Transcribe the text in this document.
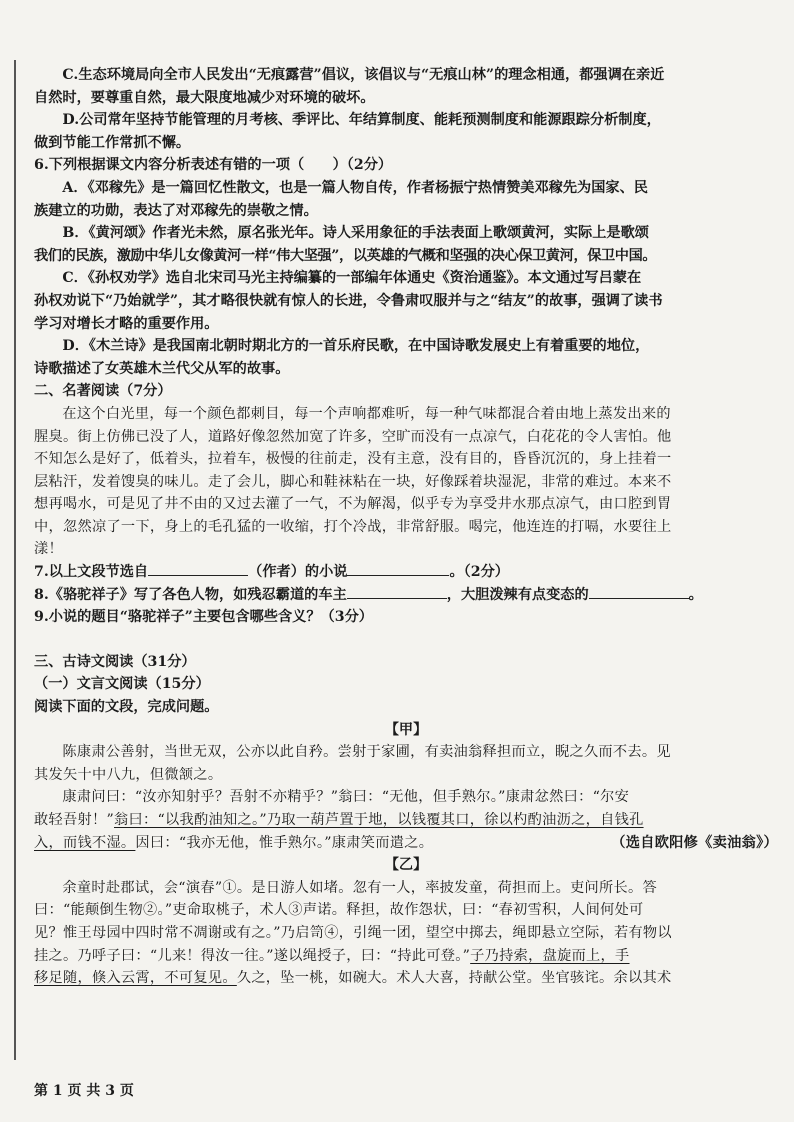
C.生态环境局向全市人民发出“无痕露营”倡议，该倡议与“无痕山林”的理念相通，都强调在亲近

自然时，要尊重自然，最大限度地减少对环境的破坏。

D.公司常年坚持节能管理的月考核、季评比、年结算制度、能耗预测制度和能源跟踪分析制度，

做到节能工作常抓不懈。

6.下列根据课文内容分析表述有错的一项（　　）（2分）

A．《邓稼先》是一篇回忆性散文，也是一篇人物自传，作者杨振宁热情赞美邓稼先为国家、民

族建立的功勋，表达了对邓稼先的崇敬之情。

B．《黄河颂》作者光未然，原名张光年。诗人采用象征的手法表面上歌颂黄河，实际上是歌颂

我们的民族，激励中华儿女像黄河一样“伟大坚强”，以英雄的气概和坚强的决心保卫黄河，保卫中国。

C．《孙权劝学》选自北宋司马光主持编纂的一部编年体通史《资治通鉴》。本文通过写吕蒙在

孙权劝说下“乃始就学”，其才略很快就有惊人的长进，令鲁肃叹服并与之“结友”的故事，强调了读书

学习对增长才略的重要作用。

D．《木兰诗》是我国南北朝时期北方的一首乐府民歌，在中国诗歌发展史上有着重要的地位，

诗歌描述了女英雄木兰代父从军的故事。

二、名著阅读（7分）

在这个白光里，每一个颜色都刺目，每一个声响都难听，每一种气味都混合着由地上蒸发出来的

腥臭。街上仿佛已没了人，道路好像忽然加宽了许多，空旷而没有一点凉气，白花花的令人害怕。他

不知怎么是好了，低着头，拉着车，极慢的往前走，没有主意，没有目的，昏昏沉沉的，身上挂着一

层粘汗，发着馊臭的味儿。走了会儿，脚心和鞋袜粘在一块，好像踩着块湿泥，非常的难过。本来不

想再喝水，可是见了井不由的又过去灌了一气，不为解渴，似乎专为享受井水那点凉气，由口腔到胃

中，忽然凉了一下，身上的毛孔猛的一收缩，打个冷战，非常舒服。喝完，他连连的打嗝，水要往上

漾！

7.以上文段节选自	（作者）的小说	。（2分）

8.《骆驼祥子》写了各色人物，如残忍霸道的车主	，大胆泼辣有点变态的	。

9.小说的题目“骆驼祥子”主要包含哪些含义？（3分）

三、古诗文阅读（31分）

（一）文言文阅读（15分）

阅读下面的文段，完成问题。

【甲】

陈康肃公善射，当世无双，公亦以此自矜。尝射于家圃，有卖油翁释担而立，睨之久而不去。见

其发矢十中八九，但微颔之。

康肃问曰：“汝亦知射乎？吾射不亦精乎？”翁曰：“无他，但手熟尔。”康肃忿然曰：“尔安

敢轻吾射！”翁曰：“以我酌油知之。”乃取一葫芦置于地，以钱覆其口，徐以杓酌油沥之，自钱孔

入，而钱不湿。因曰：“我亦无他，惟手熟尔。”康肃笑而遣之。	（选自欧阳修《卖油翁》）

【乙】

余童时赴郡试，会“演春”①。是日游人如堵。忽有一人，率披发童，荷担而上。吏问所长。答

曰：“能颠倒生物②。”吏命取桃子，术人③声诺。释担，故作怨状，曰：“春初雪积，人间何处可

见？惟王母园中四时常不凋谢或有之。”乃启笥④，引绳一团，望空中掷去，绳即悬立空际，若有物以

挂之。乃呼子曰：“儿来！得汝一往。”遂以绳授子，曰：“持此可登。”子乃持索，盘旋而上，手

移足随，倏入云霄，不可复见。久之，坠一桃，如碗大。术人大喜，持献公堂。坐官骇诧。余以其术

第 1 页 共 3 页
